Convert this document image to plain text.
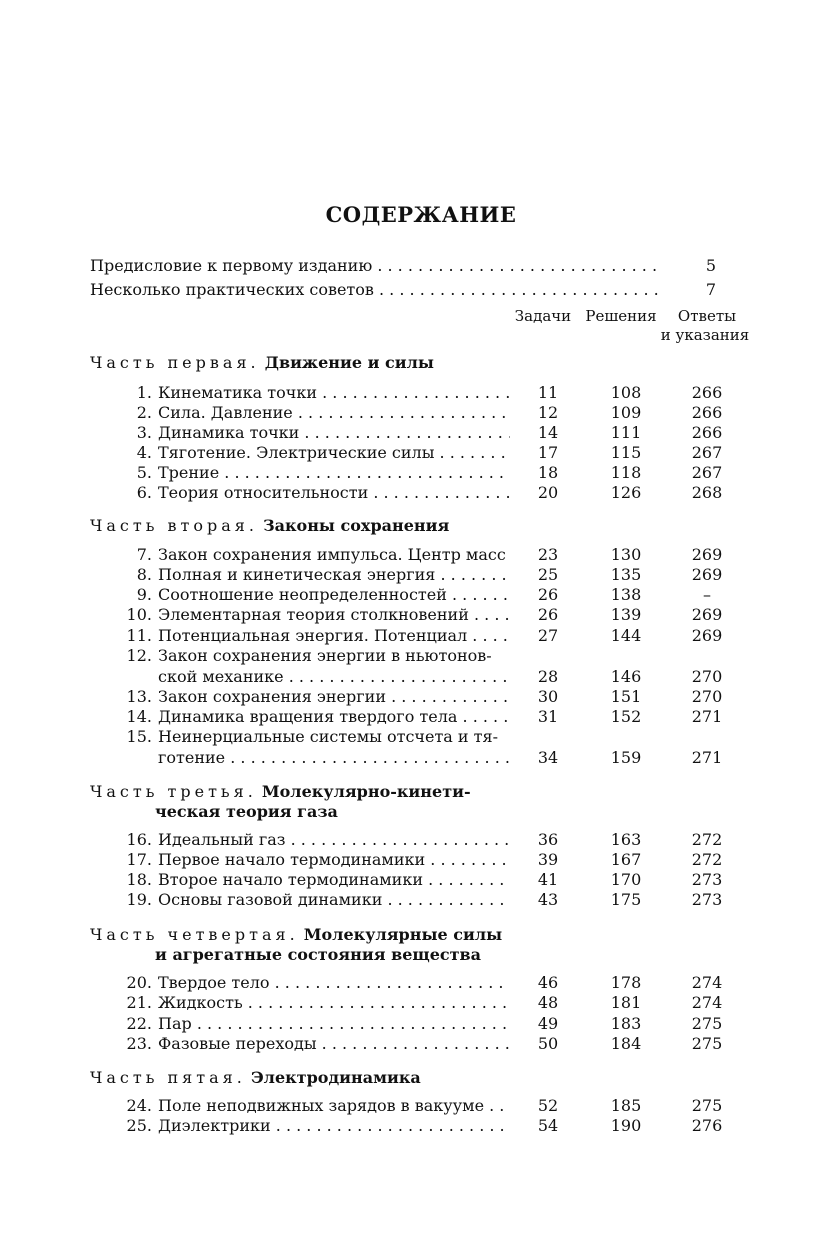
СОДЕРЖАНИЕ
Предисловие к первому изданию . . .	5
Несколько практических советов . . .	7
Задачи Решения	Ответы
и указания
Часть первая. Движение и силы
Часть вторая. Законы сохранения
Часть третья. Молекулярно-кинети-
ческая теория газа
Часть четвертая. Молекулярные силы
и агрегатные состояния вещества
Часть пятая. Электродинамика
1. Кинематика точки . . .	11	108	266
2. Сила. Давление . . .	12	109	266
3. Динамика точки . . .	14	111	266
4. Тяготение. Электрические силы . . .	17	115	267
5. Трение . . .	18	118	267
6. Теория относительности . . .	20	126	268
7. Закон сохранения импульса. Центр масс . . .	23	130	269
8. Полная и кинетическая энергия . . .	25	135	269
9. Соотношение неопределенностей . . .	26	138	–
10. Элементарная теория столкновений . . .	26	139	269
11. Потенциальная энергия. Потенциал . . .	27	144	269
12. Закон сохранения энергии в ньютонов-
ской механике . . .	28	146	270
13. Закон сохранения энергии . . .	30	151	270
14. Динамика вращения твердого тела . . .	31	152	271
15. Неинерциальные системы отсчета и тя-
готение . . .	34	159	271
16. Идеальный газ . . .	36	163	272
17. Первое начало термодинамики . . .	39	167	272
18. Второе начало термодинамики . . .	41	170	273
19. Основы газовой динамики . . .	43	175	273
20. Твердое тело . . .	46	178	274
21. Жидкость . . .	48	181	274
22. Пар . . .	49	183	275
23. Фазовые переходы . . .	50	184	275
24. Поле неподвижных зарядов в вакууме . . .	52	185	275
25. Диэлектрики . . .	54	190	276
